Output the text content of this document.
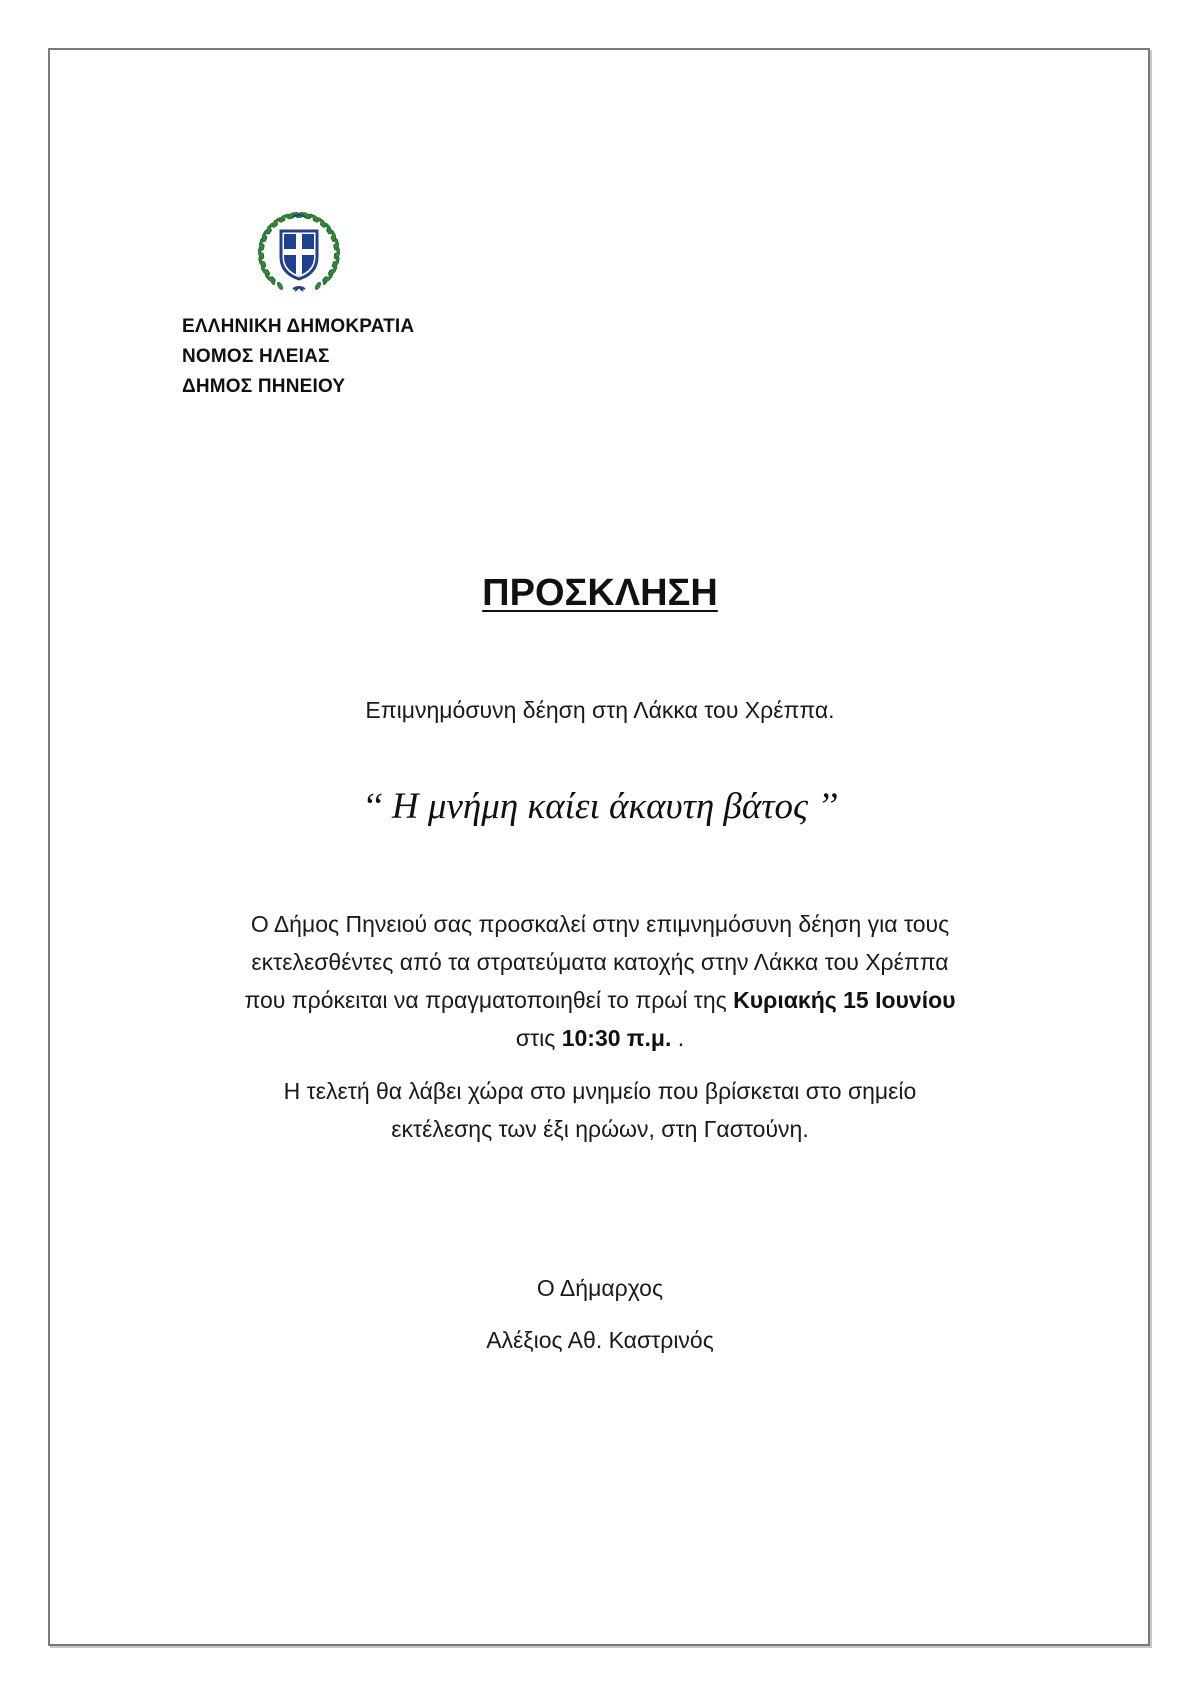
ΕΛΛΗΝΙΚΗ ΔΗΜΟΚΡΑΤΙΑ
ΝΟΜΟΣ ΗΛΕΙΑΣ
ΔΗΜΟΣ ΠΗΝΕΙΟΥ
ΠΡΟΣΚΛΗΣΗ
Επιμνημόσυνη δέηση στη Λάκκα του Χρέππα.
‘‘ Η μνήμη καίει άκαυτη βάτος ’’
Ο Δήμος Πηνειού σας προσκαλεί στην επιμνημόσυνη δέηση για τους
εκτελεσθέντες από τα στρατεύματα κατοχής στην Λάκκα του Χρέππα
που πρόκειται να πραγματοποιηθεί το πρωί της Κυριακής 15 Ιουνίου
στις 10:30 π.μ. .
Η τελετή θα λάβει χώρα στο μνημείο που βρίσκεται στο σημείο
εκτέλεσης των έξι ηρώων, στη Γαστούνη.
Ο Δήμαρχος
Αλέξιος Αθ. Καστρινός
